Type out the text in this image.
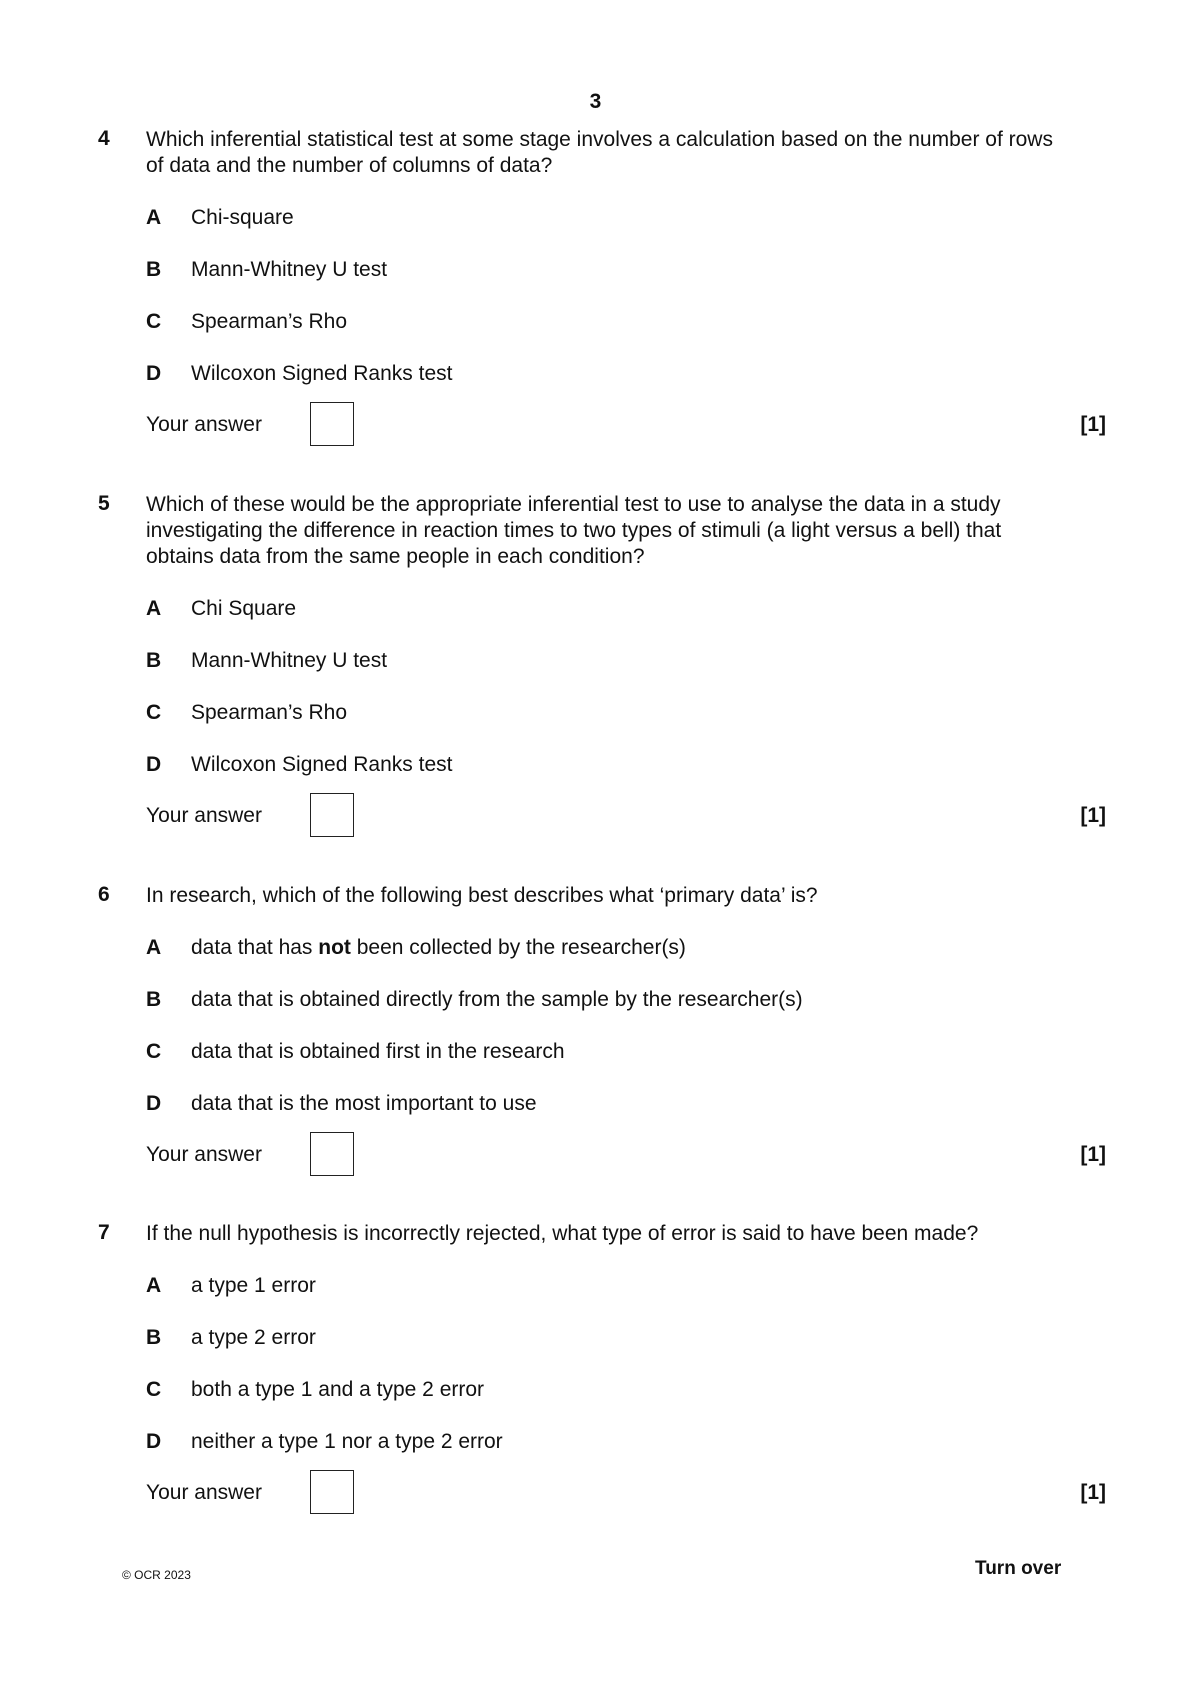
3
4 Which inferential statistical test at some stage involves a calculation based on the number of rows of data and the number of columns of data?
A Chi-square
B Mann-Whitney U test
C Spearman’s Rho
D Wilcoxon Signed Ranks test
Your answer	[1]
5 Which of these would be the appropriate inferential test to use to analyse the data in a study investigating the difference in reaction times to two types of stimuli (a light versus a bell) that obtains data from the same people in each condition?
A Chi Square
B Mann-Whitney U test
C Spearman’s Rho
D Wilcoxon Signed Ranks test
Your answer	[1]
6 In research, which of the following best describes what ‘primary data’ is?
A data that has not been collected by the researcher(s)
B data that is obtained directly from the sample by the researcher(s)
C data that is obtained first in the research
D data that is the most important to use
Your answer	[1]
7 If the null hypothesis is incorrectly rejected, what type of error is said to have been made?
A a type 1 error
B a type 2 error
C both a type 1 and a type 2 error
D neither a type 1 nor a type 2 error
Your answer	[1]
© OCR 2023	Turn over
